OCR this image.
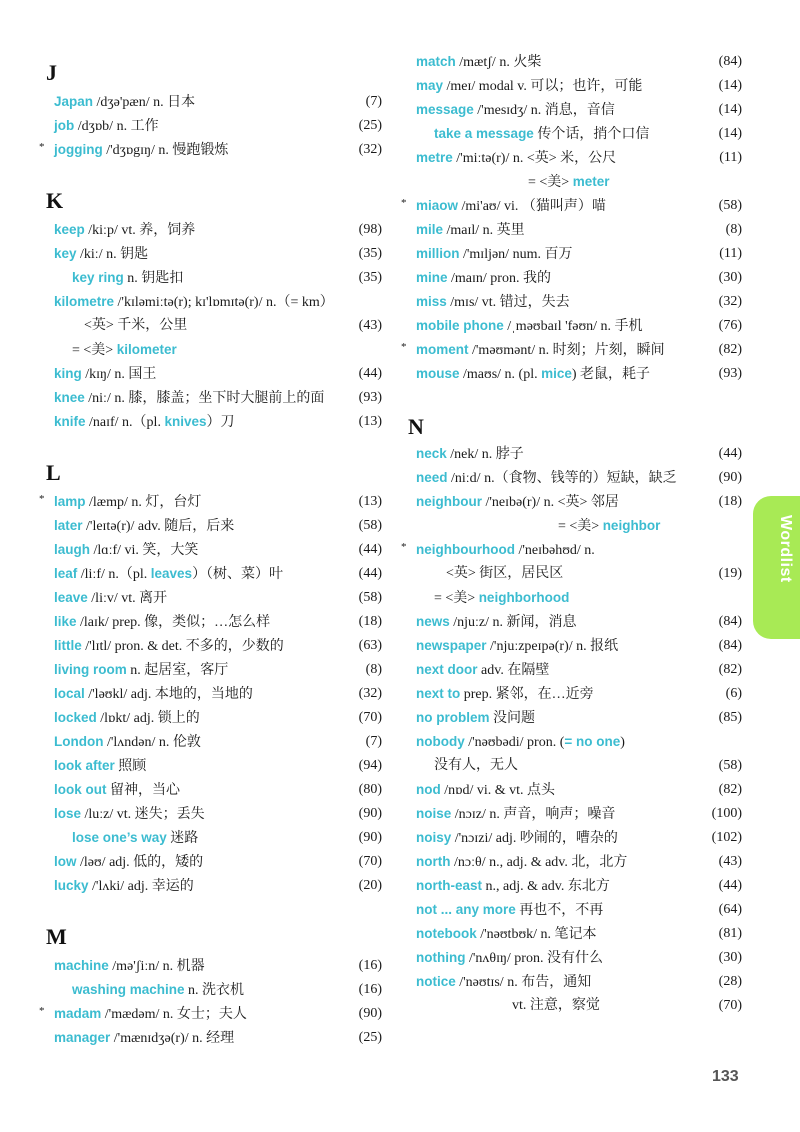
J
Japan /dʒə'pæn/ n. 日本	(7)
job /dʒɒb/ n. 工作	(25)
* jogging /'dʒɒgɪŋ/ n. 慢跑锻炼	(32)
K
keep /kiːp/ vt. 养，饲养	(98)
key /kiː/ n. 钥匙	(35)
key ring n. 钥匙扣	(35)
kilometre /'kɪləmiːtə(r); kɪ'lɒmɪtə(r)/ n.（= km）
<英> 千米，公里	(43)
= <美> kilometer
king /kɪŋ/ n. 国王	(44)
knee /niː/ n. 膝，膝盖；坐下时大腿前上的面 (93)
knife /naɪf/ n.（pl. knives）刀	(13)
L
* lamp /læmp/ n. 灯，台灯	(13)
later /'leɪtə(r)/ adv. 随后，后来	(58)
laugh /lɑːf/ vi. 笑，大笑	(44)
leaf /liːf/ n.（pl. leaves）（树、菜）叶	(44)
leave /liːv/ vt. 离开	(58)
like /laɪk/ prep. 像，类似；…怎么样	(18)
little /'lɪtl/ pron. & det. 不多的，少数的	(63)
living room n. 起居室，客厅	(8)
local /'ləʊkl/ adj. 本地的，当地的	(32)
locked /lɒkt/ adj. 锁上的	(70)
London /'lʌndən/ n. 伦敦	(7)
look after 照顾	(94)
look out 留神，当心	(80)
lose /luːz/ vt. 迷失；丢失	(90)
lose one’s way 迷路	(90)
low /ləʊ/ adj. 低的，矮的	(70)
lucky /'lʌki/ adj. 幸运的	(20)
M
machine /mə'ʃiːn/ n. 机器	(16)
washing machine n. 洗衣机	(16)
* madam /'mædəm/ n. 女士；夫人	(90)
manager /'mænɪdʒə(r)/ n. 经理	(25)
match /mætʃ/ n. 火柴	(84)
may /meɪ/ modal v. 可以；也许，可能	(14)
message /'mesɪdʒ/ n. 消息，音信	(14)
take a message 传个话，捎个口信	(14)
metre /'miːtə(r)/ n. <英> 米，公尺	(11)
= <美> meter
* miaow /mi'aʊ/ vi. （猫叫声）喵	(58)
mile /maɪl/ n. 英里	(8)
million /'mɪljən/ num. 百万	(11)
mine /maɪn/ pron. 我的	(30)
miss /mɪs/ vt. 错过，失去	(32)
mobile phone /ˌməʊbaɪl 'fəʊn/ n. 手机	(76)
* moment /'məʊmənt/ n. 时刻；片刻，瞬间	(82)
mouse /maʊs/ n. (pl. mice) 老鼠，耗子	(93)
N
neck /nek/ n. 脖子	(44)
need /niːd/ n.（食物、钱等的）短缺，缺乏	(90)
neighbour /'neɪbə(r)/ n. <英> 邻居	(18)
= <美> neighbor
* neighbourhood /'neɪbəhʊd/ n.
<英> 街区，居民区	(19)
= <美> neighborhood
news /njuːz/ n. 新闻，消息	(84)
newspaper /'njuːzpeɪpə(r)/ n. 报纸	(84)
next door adv. 在隔壁	(82)
next to prep. 紧邻，在…近旁	(6)
no problem 没问题	(85)
nobody /'nəʊbədi/ pron. (= no one)
没有人，无人	(58)
nod /nɒd/ vi. & vt. 点头	(82)
noise /nɔɪz/ n. 声音，响声；噪音	(100)
noisy /'nɔɪzi/ adj. 吵闹的，嘈杂的	(102)
north /nɔːθ/ n., adj. & adv. 北，北方	(43)
north-east n., adj. & adv. 东北方	(44)
not ... any more 再也不，不再	(64)
notebook /'nəʊtbʊk/ n. 笔记本	(81)
nothing /'nʌθɪŋ/ pron. 没有什么	(30)
notice /'nəʊtɪs/ n. 布告，通知	(28)
vt. 注意，察觉	(70)
Wordlist
133
